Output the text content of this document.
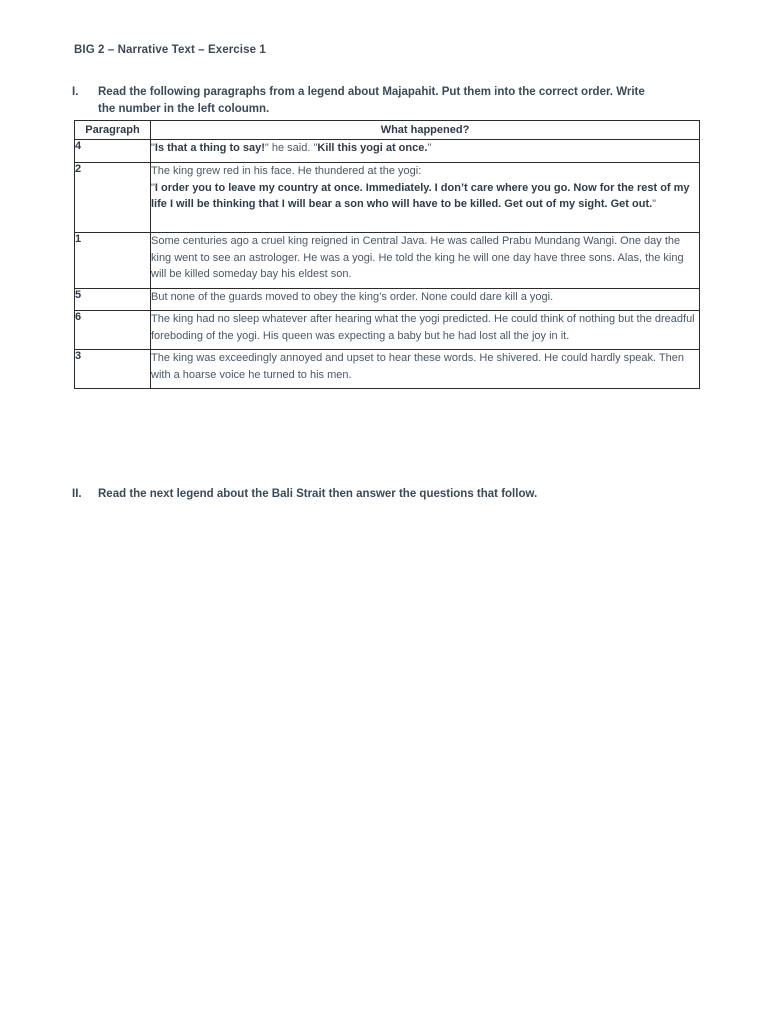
BIG 2 – Narrative Text – Exercise 1
I. Read the following paragraphs from a legend about Majapahit. Put them into the correct order. Write
the number in the left coloumn.
Paragraph	What happened?
4	"Is that a thing to say!" he said. "Kill this yogi at once."
2	The king grew red in his face. He thundered at the yogi:
"I order you to leave my country at once. Immediately. I don’t care where you go. Now for the rest of my life I will be thinking that I will bear a son who will have to be killed. Get out of my sight. Get out."

1	Some centuries ago a cruel king reigned in Central Java. He was called Prabu Mundang Wangi. One day the king went to see an astrologer. He was a yogi. He told the king he will one day have three sons. Alas, the king will be killed someday bay his eldest son.
5	But none of the guards moved to obey the king’s order. None could dare kill a yogi.
6	The king had no sleep whatever after hearing what the yogi predicted. He could think of nothing but the dreadful foreboding of the yogi. His queen was expecting a baby but he had lost all the joy in it.
3	The king was exceedingly annoyed and upset to hear these words. He shivered. He could hardly speak. Then with a hoarse voice he turned to his men.
II. Read the next legend about the Bali Strait then answer the questions that follow.
